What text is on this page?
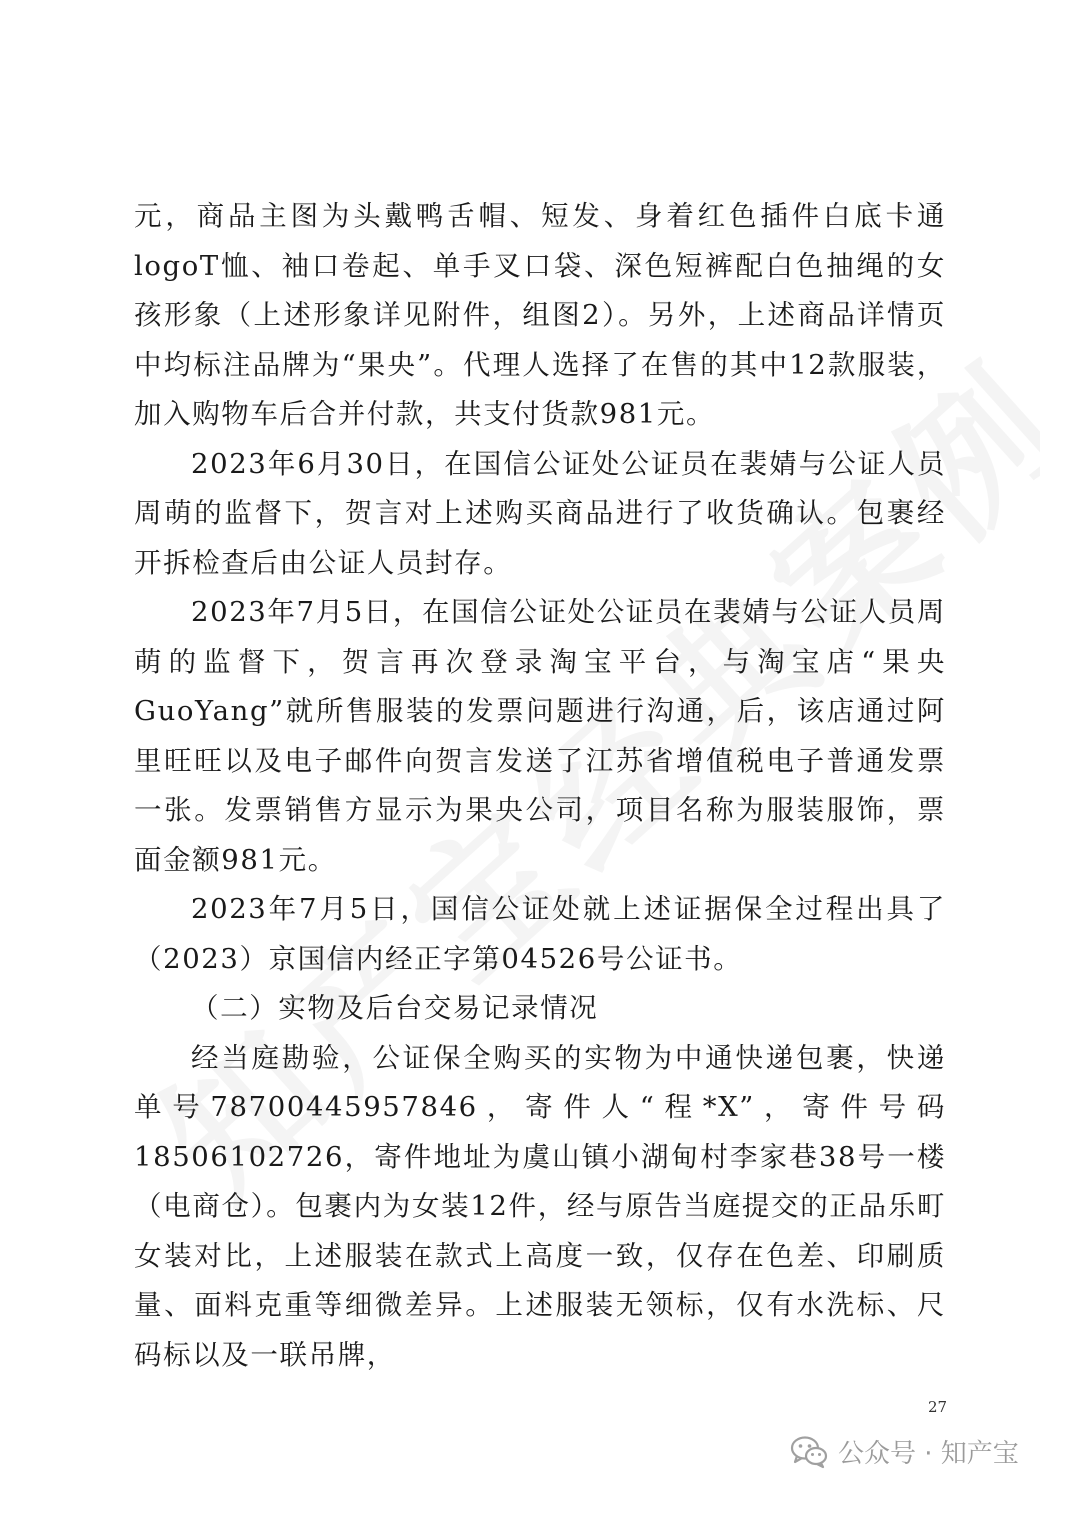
元，商品主图为头戴鸭舌帽、短发、身着红色插件白底卡通logoT恤、袖口卷起、单手叉口袋、深色短裤配白色抽绳的女孩形象（上述形象详见附件，组图2）。另外，上述商品详情页中均标注品牌为“果央”。代理人选择了在售的其中12款服装，加入购物车后合并付款，共支付货款981元。

2023年6月30日，在国信公证处公证员在裴婧与公证人员周萌的监督下，贺言对上述购买商品进行了收货确认。包裹经开拆检查后由公证人员封存。

2023年7月5日，在国信公证处公证员在裴婧与公证人员周萌的监督下，贺言再次登录淘宝平台，与淘宝店“果央GuoYang”就所售服装的发票问题进行沟通，后，该店通过阿里旺旺以及电子邮件向贺言发送了江苏省增值税电子普通发票一张。发票销售方显示为果央公司，项目名称为服装服饰，票面金额981元。

2023年7月5日，国信公证处就上述证据保全过程出具了（2023）京国信内经正字第04526号公证书。

（二）实物及后台交易记录情况

经当庭勘验，公证保全购买的实物为中通快递包裹，快递单号78700445957846，寄件人“程*X”，寄件号码18506102726，寄件地址为虞山镇小湖甸村李家巷38号一楼（电商仓）。包裹内为女装12件，经与原告当庭提交的正品乐町女装对比，上述服装在款式上高度一致，仅存在色差、印刷质量、面料克重等细微差异。上述服装无领标，仅有水洗标、尺码标以及一联吊牌，

27
公众号 · 知产宝
